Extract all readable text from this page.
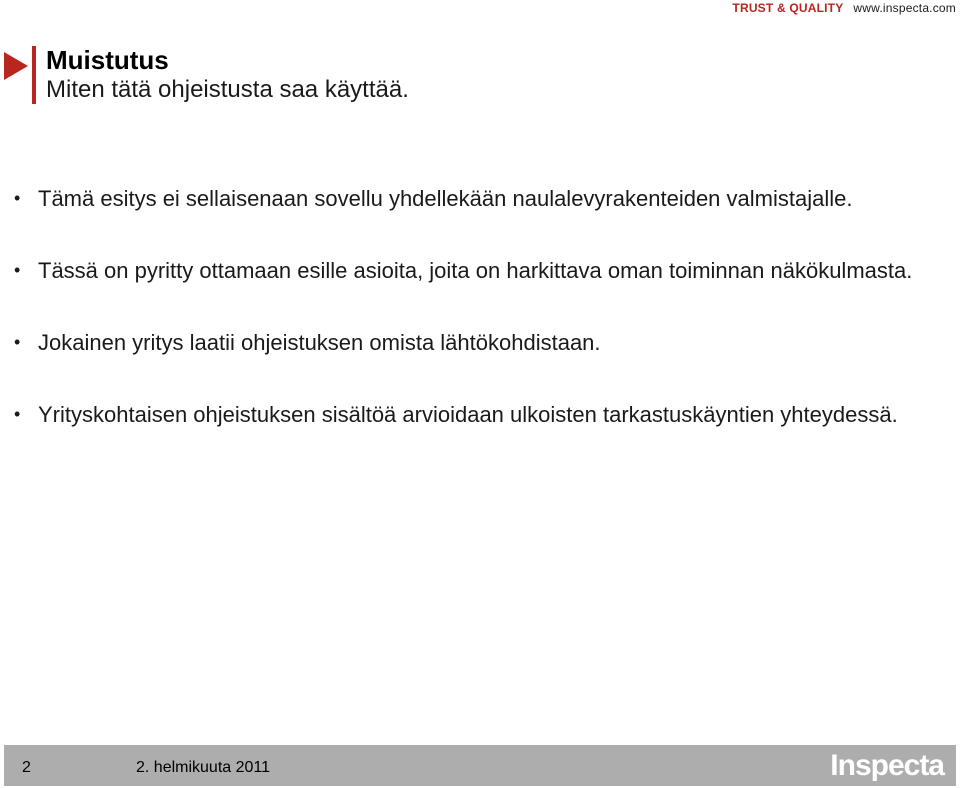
TRUST & QUALITY www.inspecta.com
Muistutus
Miten tätä ohjeistusta saa käyttää.
• Tämä esitys ei sellaisenaan sovellu yhdellekään naulalevyrakenteiden valmistajalle.
• Tässä on pyritty ottamaan esille asioita, joita on harkittava oman toiminnan näkökulmasta.
• Jokainen yritys laatii ohjeistuksen omista lähtökohdistaan.
• Yrityskohtaisen ohjeistuksen sisältöä arvioidaan ulkoisten tarkastuskäyntien yhteydessä.
2	2. helmikuuta 2011	Inspecta
